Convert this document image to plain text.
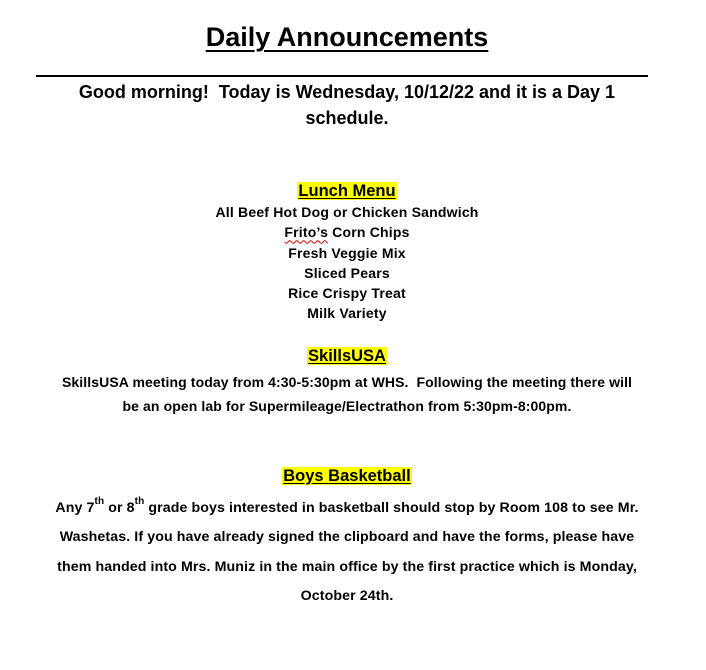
Daily Announcements
Good morning!  Today is Wednesday, 10/12/22 and it is a Day 1
schedule.
Lunch Menu
All Beef Hot Dog or Chicken Sandwich
Frito’s Corn Chips
Fresh Veggie Mix
Sliced Pears
Rice Crispy Treat
Milk Variety
SkillsUSA
SkillsUSA meeting today from 4:30-5:30pm at WHS.  Following the meeting there will
be an open lab for Supermileage/Electrathon from 5:30pm-8:00pm.
Boys Basketball
Any 7th or 8th grade boys interested in basketball should stop by Room 108 to see Mr.
Washetas. If you have already signed the clipboard and have the forms, please have
them handed into Mrs. Muniz in the main office by the first practice which is Monday,
October 24th.
